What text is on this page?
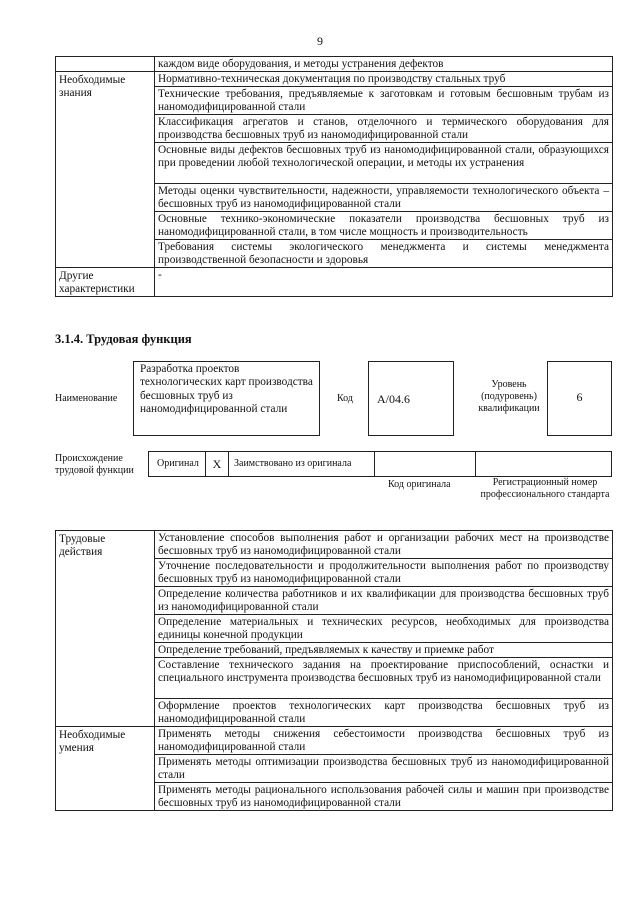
9
	каждом виде оборудования, и методы устранения дефектов
Необходимые знания	Нормативно-техническая документация по производству стальных труб
	Технические требования, предъявляемые к заготовкам и готовым бесшовным трубам из наномодифицированной стали
	Классификация агрегатов и станов, отделочного и термического оборудования для производства бесшовных труб из наномодифицированной стали
	Основные виды дефектов бесшовных труб из наномодифицированной стали, образующихся при проведении любой технологической операции, и методы их устранения
	Методы оценки чувствительности, надежности, управляемости технологического объекта – бесшовных труб из наномодифицированной стали
	Основные технико-экономические показатели производства бесшовных труб из наномодифицированной стали, в том числе мощность и производительность
	Требования системы экологического менеджмента и системы менеджмента производственной безопасности и здоровья
Другие характеристики	-
3.1.4. Трудовая функция
Наименование
Разработка проектов технологических карт производства бесшовных труб из наномодифицированной стали
Код	А/04.6
Уровень (подуровень) квалификации
6
Происхождение трудовой функции
Оригинал	X	Заимствовано из оригинала
Код оригинала	Регистрационный номер профессионального стандарта
Трудовые действия	Установление способов выполнения работ и организации рабочих мест на производстве бесшовных труб из наномодифицированной стали
	Уточнение последовательности и продолжительности выполнения работ по производству бесшовных труб из наномодифицированной стали
	Определение количества работников и их квалификации для производства бесшовных труб из наномодифицированной стали
	Определение материальных и технических ресурсов, необходимых для производства единицы конечной продукции
	Определение требований, предъявляемых к качеству и приемке работ
	Составление технического задания на проектирование приспособлений, оснастки и специального инструмента производства бесшовных труб из наномодифицированной стали
	Оформление проектов технологических карт производства бесшовных труб из наномодифицированной стали
Необходимые умения	Применять методы снижения себестоимости производства бесшовных труб из наномодифицированной стали
	Применять методы оптимизации производства бесшовных труб из наномодифицированной стали
	Применять методы рационального использования рабочей силы и машин при производстве бесшовных труб из наномодифицированной стали
